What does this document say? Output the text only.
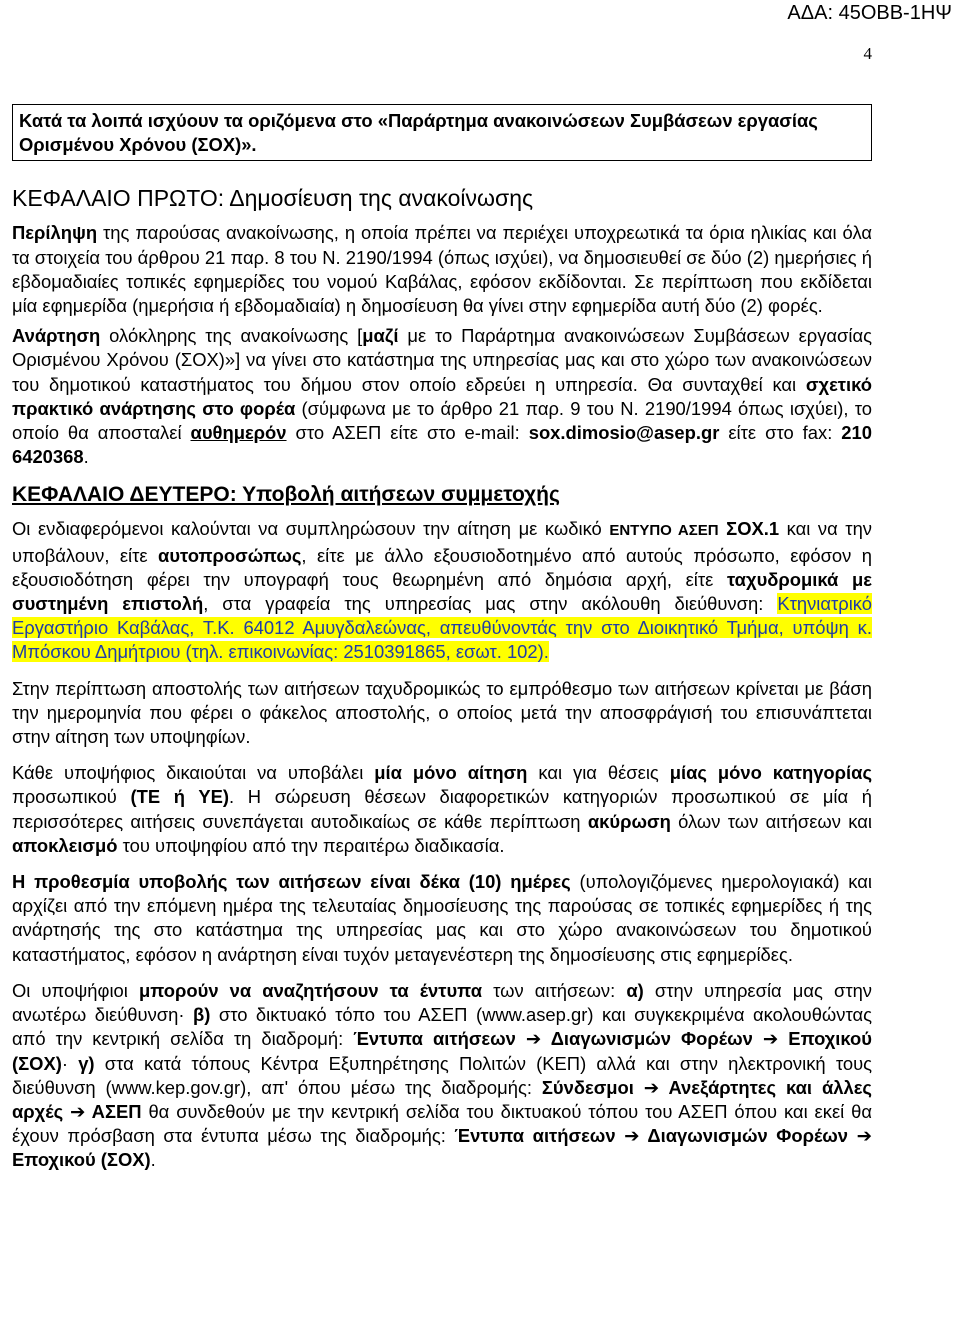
ΑΔΑ: 45ΟΒΒ-1ΗΨ
4
Κατά τα λοιπά ισχύουν τα οριζόμενα στο «Παράρτημα ανακοινώσεων Συμβάσεων εργασίας Ορισμένου Χρόνου (ΣΟΧ)».
ΚΕΦΑΛΑΙΟ ΠΡΩΤΟ: Δημοσίευση της ανακοίνωσης

Περίληψη της παρούσας ανακοίνωσης, η οποία πρέπει να περιέχει υποχρεωτικά τα όρια ηλικίας και όλα τα στοιχεία του άρθρου 21 παρ. 8 του Ν. 2190/1994 (όπως ισχύει), να δημοσιευθεί σε δύο (2) ημερήσιες ή εβδομαδιαίες τοπικές εφημερίδες του νομού Καβάλας, εφόσον εκδίδονται. Σε περίπτωση που εκδίδεται μία εφημερίδα (ημερήσια ή εβδομαδιαία) η δημοσίευση θα γίνει στην εφημερίδα αυτή δύο (2) φορές.

Ανάρτηση ολόκληρης της ανακοίνωσης [μαζί με το Παράρτημα ανακοινώσεων Συμβάσεων εργασίας Ορισμένου Χρόνου (ΣΟΧ)»] να γίνει στο κατάστημα της υπηρεσίας μας και στο χώρο των ανακοινώσεων του δημοτικού καταστήματος του δήμου στον οποίο εδρεύει η υπηρεσία. Θα συνταχθεί και σχετικό πρακτικό ανάρτησης στο φορέα (σύμφωνα με το άρθρο 21 παρ. 9 του Ν. 2190/1994 όπως ισχύει), το οποίο θα αποσταλεί αυθημερόν στο ΑΣΕΠ είτε στο e-mail: sox.dimosio@asep.gr είτε στο fax: 210 6420368.

ΚΕΦΑΛΑΙΟ ΔΕΥΤΕΡΟ: Υποβολή αιτήσεων συμμετοχής

Οι ενδιαφερόμενοι καλούνται να συμπληρώσουν την αίτηση με κωδικό ΕΝΤΥΠΟ ΑΣΕΠ ΣΟΧ.1 και να την υποβάλουν, είτε αυτοπροσώπως, είτε με άλλο εξουσιοδοτημένο από αυτούς πρόσωπο, εφόσον η εξουσιοδότηση φέρει την υπογραφή τους θεωρημένη από δημόσια αρχή, είτε ταχυδρομικά με συστημένη επιστολή, στα γραφεία της υπηρεσίας μας στην ακόλουθη διεύθυνση: Κτηνιατρικό Εργαστήριο Καβάλας, Τ.Κ. 64012 Αμυγδαλεώνας, απευθύνοντάς την στο Διοικητικό Τμήμα, υπόψη κ. Μπόσκου Δημήτριου (τηλ. επικοινωνίας: 2510391865, εσωτ. 102).

Στην περίπτωση αποστολής των αιτήσεων ταχυδρομικώς το εμπρόθεσμο των αιτήσεων κρίνεται με βάση την ημερομηνία που φέρει ο φάκελος αποστολής, ο οποίος μετά την αποσφράγισή του επισυνάπτεται στην αίτηση των υποψηφίων.

Κάθε υποψήφιος δικαιούται να υποβάλει μία μόνο αίτηση και για θέσεις μίας μόνο κατηγορίας προσωπικού (ΤΕ ή ΥΕ). Η σώρευση θέσεων διαφορετικών κατηγοριών προσωπικού σε μία ή περισσότερες αιτήσεις συνεπάγεται αυτοδικαίως σε κάθε περίπτωση ακύρωση όλων των αιτήσεων και αποκλεισμό του υποψηφίου από την περαιτέρω διαδικασία.

Η προθεσμία υποβολής των αιτήσεων είναι δέκα (10) ημέρες (υπολογιζόμενες ημερολογιακά) και αρχίζει από την επόμενη ημέρα της τελευταίας δημοσίευσης της παρούσας σε τοπικές εφημερίδες ή της ανάρτησής της στο κατάστημα της υπηρεσίας μας και στο χώρο ανακοινώσεων του δημοτικού καταστήματος, εφόσον η ανάρτηση είναι τυχόν μεταγενέστερη της δημοσίευσης στις εφημερίδες.

Οι υποψήφιοι μπορούν να αναζητήσουν τα έντυπα των αιτήσεων: α) στην υπηρεσία μας στην ανωτέρω διεύθυνση· β) στο δικτυακό τόπο του ΑΣΕΠ (www.asep.gr) και συγκεκριμένα ακολουθώντας από την κεντρική σελίδα τη διαδρομή: Έντυπα αιτήσεων ➔ Διαγωνισμών Φορέων ➔ Εποχικού (ΣΟΧ)· γ) στα κατά τόπους Κέντρα Εξυπηρέτησης Πολιτών (ΚΕΠ) αλλά και στην ηλεκτρονική τους διεύθυνση (www.kep.gov.gr), απ' όπου μέσω της διαδρομής: Σύνδεσμοι ➔ Ανεξάρτητες και άλλες αρχές ➔ ΑΣΕΠ θα συνδεθούν με την κεντρική σελίδα του δικτυακού τόπου του ΑΣΕΠ όπου και εκεί θα έχουν πρόσβαση στα έντυπα μέσω της διαδρομής: Έντυπα αιτήσεων ➔ Διαγωνισμών Φορέων ➔ Εποχικού (ΣΟΧ).
